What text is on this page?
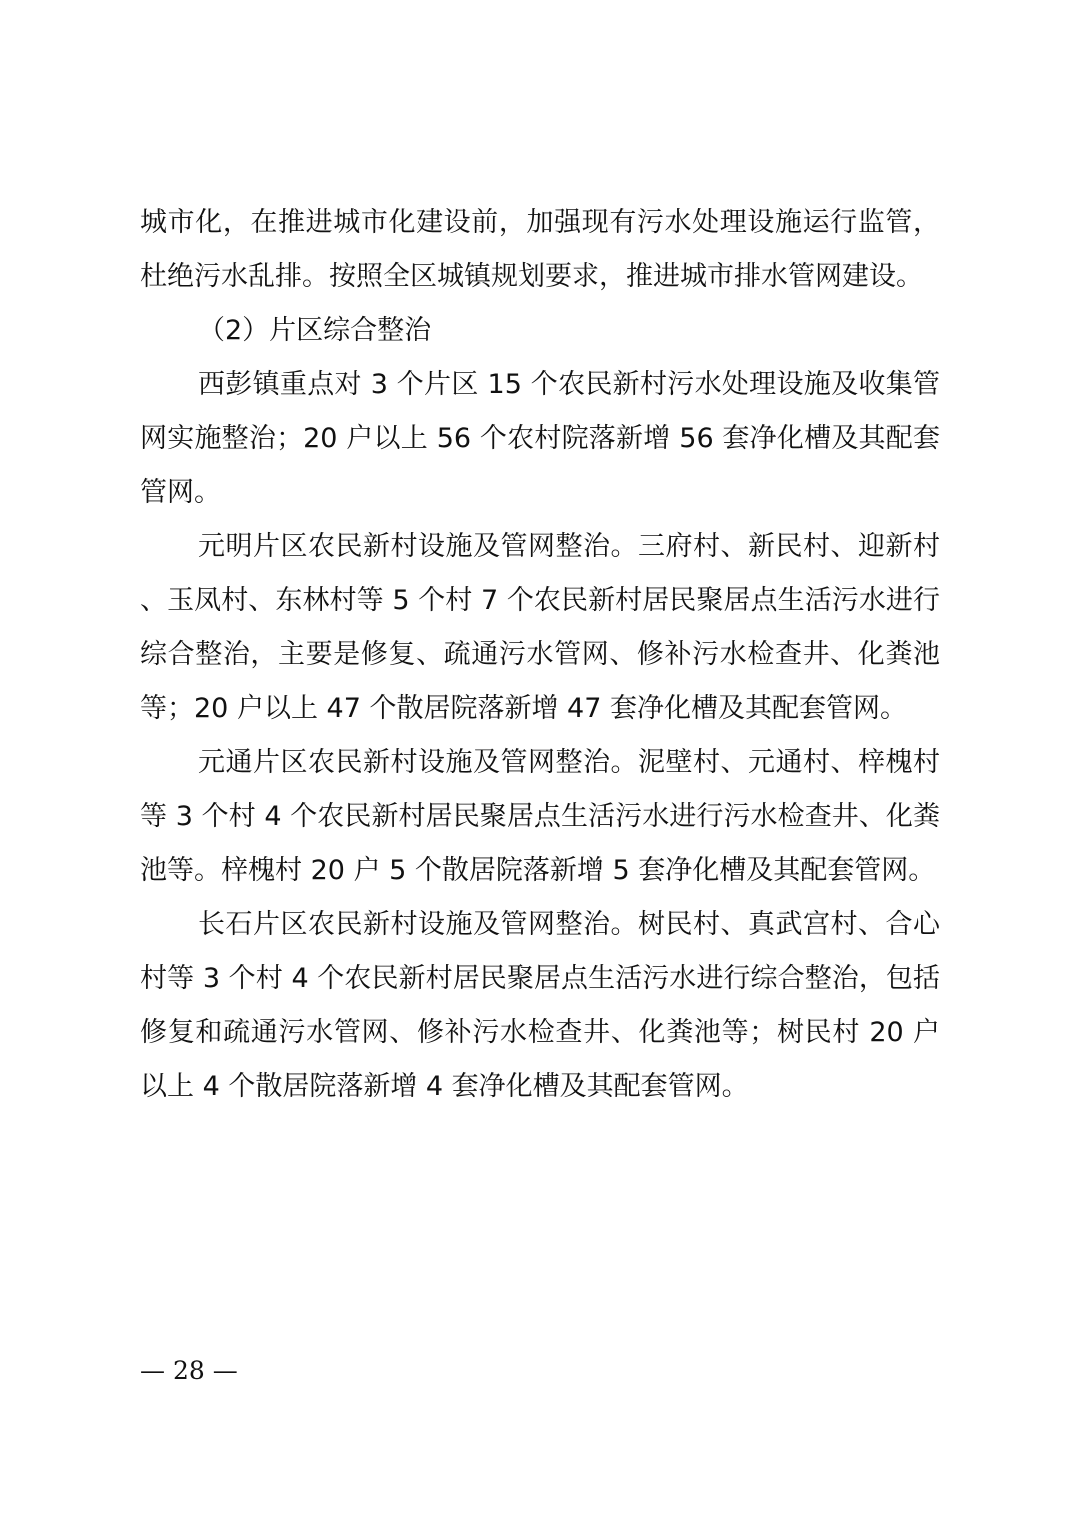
城市化，在推进城市化建设前，加强现有污水处理设施运行监管，杜绝污水乱排。按照全区城镇规划要求，推进城市排水管网建设。

（2）片区综合整治

西彭镇重点对 3 个片区 15 个农民新村污水处理设施及收集管网实施整治；20 户以上 56 个农村院落新增 56 套净化槽及其配套管网。

元明片区农民新村设施及管网整治。三府村、新民村、迎新村、玉凤村、东林村等 5 个村 7 个农民新村居民聚居点生活污水进行综合整治，主要是修复、疏通污水管网、修补污水检查井、化粪池等；20 户以上 47 个散居院落新增 47 套净化槽及其配套管网。

元通片区农民新村设施及管网整治。泥壁村、元通村、梓槐村等 3 个村 4 个农民新村居民聚居点生活污水进行污水检查井、化粪池等。梓槐村 20 户 5 个散居院落新增 5 套净化槽及其配套管网。

长石片区农民新村设施及管网整治。树民村、真武宫村、合心村等 3 个村 4 个农民新村居民聚居点生活污水进行综合整治，包括修复和疏通污水管网、修补污水检查井、化粪池等；树民村 20 户以上 4 个散居院落新增 4 套净化槽及其配套管网。

— 28 —
